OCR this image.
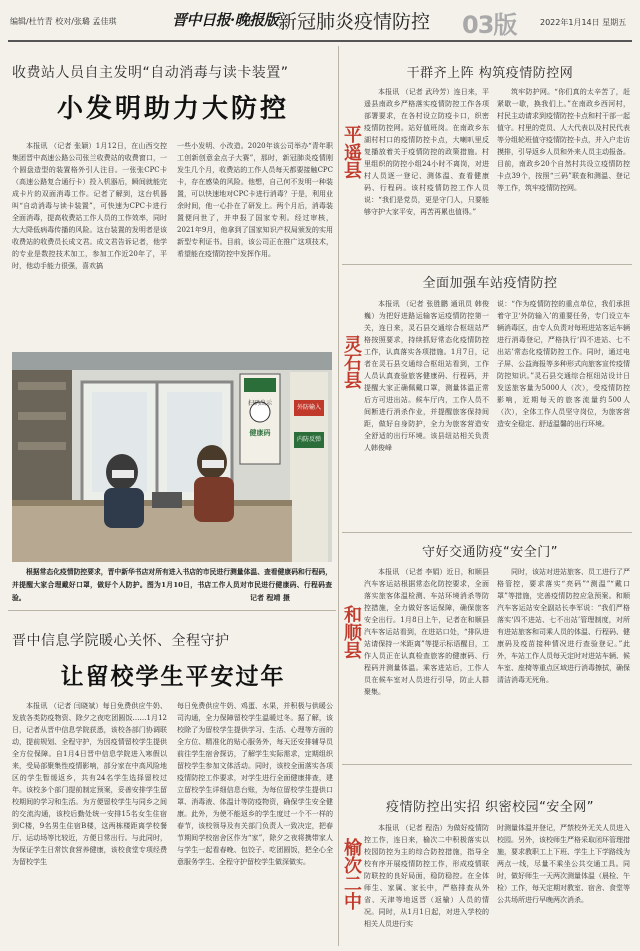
编辑/杜竹青 校对/张璐 孟佳琪	晋中日报·晚报版 新冠肺炎疫情防控 03版	2022年1月14日 星期五
收费站人员自主发明“自动消毒与读卡装置”
小发明助力大防控

本报讯 （记者 张颖）1月12日，在山西交控集团晋中高速公路公司张兰收费站的收费窗口，一个圆盘造型的装置格外引人注目。一张张CPC卡（高速公路复合通行卡）投入机器后，瞬间就能完成卡片的双面消毒工作。记者了解到，这台机器叫“自动消毒与读卡装置”，可快速为CPC卡进行全面消毒，提高收费站工作人员的工作效率，同时大大降低病毒传播的风险。这台装置的发明者是该收费站的收费员长成文君。成文君告诉记者，他学的专业是数控技术加工，参加工作近20年了，平时，他动手能力很强，喜欢搞

一些小发明、小改造。2020年该公司举办“青年职工创新创意金点子大赛”，那时，新冠肺炎疫情刚发生几个月，收费站的工作人员每天都要接触CPC卡，存在感染的风险。他想，自己何不发明一种装置，可以快速地对CPC卡进行消毒？于是，利用业余时间，他一心扑在了研发上。两个月后，消毒装置便问世了，并申报了国家专利。经过审核，2021年9月，他拿到了国家知识产权局颁发的实用新型专利证书。目前，该公司正在推广这项技术，希望能在疫情防控中发挥作用。

扫码出示
健康码
外防输入
内防反弹

根据常态化疫情防控要求，晋中新华书店对所有进入书店的市民进行测量体温、查看健康码和行程码，并提醒大家合理戴好口罩，做好个人防护。图为1月10日，书店工作人员对市民进行健康码、行程码查验。	记者 程靖 摄
晋中信息学院暖心关怀、全程守护
让留校学生平安过年

本报讯 （记者 闫晓斌）每日免费供应牛奶、发放各类防疫物资、除夕之夜吃团圆饭……1月12日，记者从晋中信息学院获悉，该校各部门协调联动，提前规划、全程守护，为因疫情留校学生提供全方位保障。自1月4日晋中信息学院进入寒假以来，受局部聚集性疫情影响，部分家在中高风险地区的学生暂缓返乡，共有24名学生选择留校过年。该校多个部门提前制定预案，妥善安排学生留校期间的学习和生活。为方便留校学生与同乡之间的交流沟通，该校后勤处统一安排15名女生住宿到C楼，9名男生住宿B楼，这两栋楼距离学校餐厅、运动场等比较近，方便日常出行。与此同时，为保证学生日常饮食营养健康，该校食堂专项经费为留校学生

每日免费供应牛奶、鸡蛋、水果，并积极与供暖公司沟通，全力保障留校学生温暖过冬。据了解，该校除了为留校学生提供学习、生活、心理等方面的全方位、精准化的贴心服务外，每天还安排辅导员前往学生宿舍探访，了解学生实际需求，定期组织留校学生参加文体活动。同时，该校全面落实各项疫情防控工作要求，对学生进行全面健康排查，建立留校学生详细信息台账，为每位留校学生提供口罩、消毒液、体温计等防疫物资，确保学生安全健康。此外，为使不能返乡的学生度过一个不一样的春节，该校领导及有关部门负责人一致决定，把春节期间学校宿舍区作为“家”，除夕之夜将携带家人与学生一起看春晚、包饺子、吃团圆饭，把全心全意服务学生、全程守护留校学生做深做实。

干群齐上阵 构筑疫情防控网
平遥县

本报讯 （记者 武玲芳）连日来，平遥县南政乡严格落实疫情防控工作各项部署要求，在各村设立防疫卡口，织密疫情防控网。站好值班岗。在南政乡东湖村村口的疫情防控卡点，大喇叭里反复播放着关于疫情防控的政策措施。村里组织的防控小组24小时不离岗，对进村人员逐一登记、测体温、查看健康码、行程码。该村疫情防控工作人员说：“我们是党员，更是守门人，只要能够守护大家平安，再苦再累也值得。”

筑牢防护网。“你们真的太辛苦了，赶紧歇一歇，换我们上。”在南政乡西河村，村民主动请求到疫情防控卡点和村干部一起值守。村里的党员、人大代表以及村民代表等分组轮班值守疫情防控卡点，并入户走访摸排，引导返乡人员和外来人员主动报备。目前，南政乡20个自然村共设立疫情防控卡点39个，按照“三码”联查和测温、登记等工作，筑牢疫情防控网。

全面加强车站疫情防控
灵石县

本报讯 （记者 张胜鹏 通讯员 韩俊巍）为把好进路运输客运疫情防控第一关，连日来，灵石县交通综合枢纽站严格按照要求，持续抓好常态化疫情防控工作，认真落实各项措施。1月7日，记者在灵石县交通综合枢纽站看到，工作人员认真查验旅客健康码、行程码，并提醒大家正确佩戴口罩，测量体温正常后方可进出站。候车厅内，工作人员不间断进行消杀作业，并提醒旅客保持间距，做好自身防护，全力为旅客营造安全舒适的出行环境。该县纽站相关负责人韩俊峰

说：“作为疫情防控的重点单位，我们承担着守卫‘外防输入’的重要任务，专门设立车辆消毒区，由专人负责对每班进站客运车辆进行消毒登记，严格执行‘四不进站、七不出站’常态化疫情防控工作。同时，通过电子屏、公益海报等多种形式向旅客宣传疫情防控知识。”灵石县交通综合枢纽站设计日发送旅客量为5000人（次），受疫情防控影响，近期每天的旅客流量约500人（次），全体工作人员坚守岗位，为旅客营造安全稳定、舒适温馨的出行环境。

守好交通防疫“安全门”
和顺县

本报讯 （记者 李娟）近日，和顺县汽车客运站根据常态化防控要求，全面落实旅客体温检测、车站环境消杀等防控措施，全力做好客运保障，确保旅客安全出行。1月8日上午，记者在和顺县汽车客运站看到，在进站口处，“排队进站请保持一米距离”等提示标语醒目，工作人员正在认真检查旅客的健康码、行程码并测量体温。乘客进站后，工作人员在候车室对人员进行引导，防止人群聚集。

同时，该站对进站旅客、员工进行了严格管控，要求落实“亮码”“测温”“戴口罩”等措施，完善疫情防控应急预案。和顺汽车客运站安全副站长李军说：“我们严格落实‘四不进站、七不出站’管理制度，对所有进站旅客和司乘人员的体温、行程码、健康码及疫苗接种情况进行查验登记。”此外，车站工作人员每天定时对进站车辆、候车室、座椅等重点区域进行消毒擦拭，确保清洁消毒无死角。

疫情防控出实招 织密校园“安全网”
榆次二中

本报讯 （记者 程浩）为做好疫情防控工作，连日来，榆次二中积极落实以校园防控为主的综合防控措施，指导全校有序开展疫情防控工作，形成疫情联防联控的良好局面，稳防稳控。在全体师生、家属、家长中，严格排查从外省、天津等地返晋（返榆）人员的情况。同时，从1月1日起，对进入学校的相关人员进行实

时测量体温并登记，严禁校外无关人员进入校园。另外，该校师生严格采取闭环管理措施，要求教职工上下班、学生上下学路线为两点一线，尽量不乘坐公共交通工具。同时，做好师生一天两次测量体温（晨检、午检）工作，每天定期对教室、宿舍、食堂等公共场所进行早晚两次消杀。
